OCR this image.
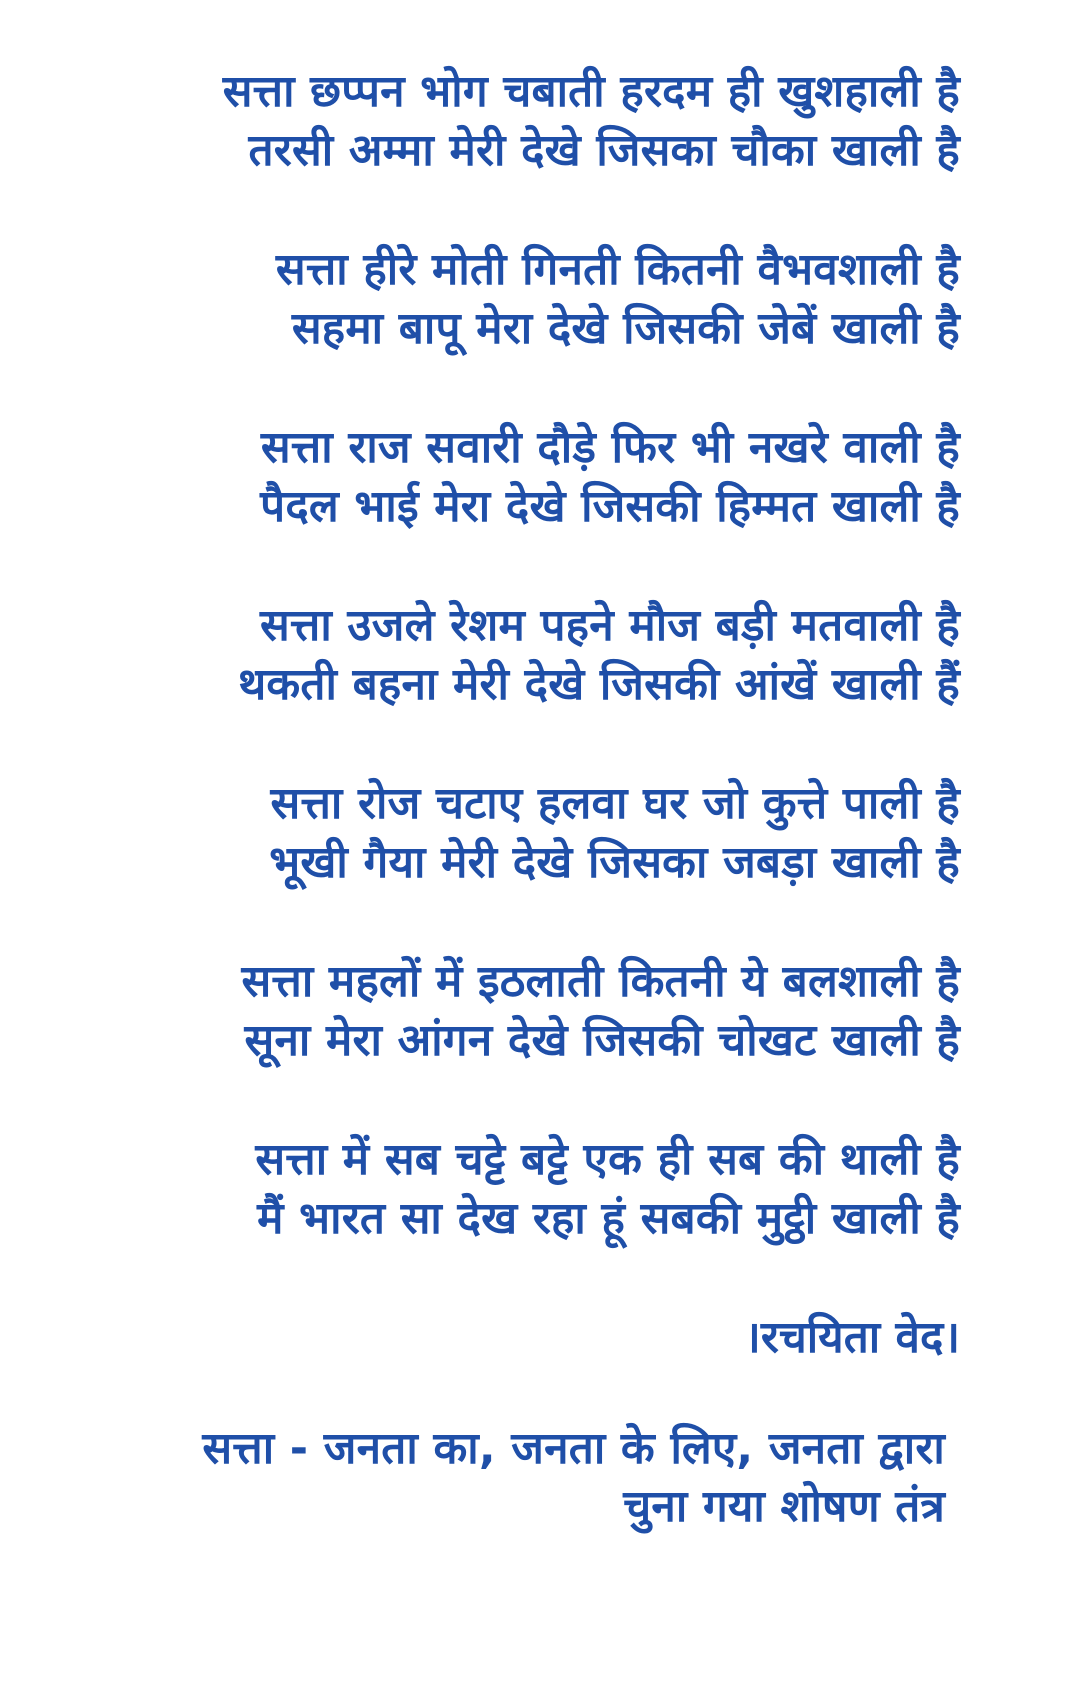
सत्ता छप्पन भोग चबाती हरदम ही खुशहाली है
तरसी अम्मा मेरी देखे जिसका चौका खाली है
सत्ता हीरे मोती गिनती कितनी वैभवशाली है
सहमा बापू मेरा देखे जिसकी जेबें खाली है
सत्ता राज सवारी दौड़े फिर भी नखरे वाली है
पैदल भाई मेरा देखे जिसकी हिम्मत खाली है
सत्ता उजले रेशम पहने मौज बड़ी मतवाली है
थकती बहना मेरी देखे जिसकी आंखें खाली हैं
सत्ता रोज चटाए हलवा घर जो कुत्ते पाली है
भूखी गैया मेरी देखे जिसका जबड़ा खाली है
सत्ता महलों में इठलाती कितनी ये बलशाली है
सूना मेरा आंगन देखे जिसकी चोखट खाली है
सत्ता में सब चट्टे बट्टे एक ही सब की थाली है
मैं भारत सा देख रहा हूं सबकी मुट्ठी खाली है
।रचयिता वेद।
सत्ता - जनता का, जनता के लिए, जनता द्वारा
चुना गया शोषण तंत्र
